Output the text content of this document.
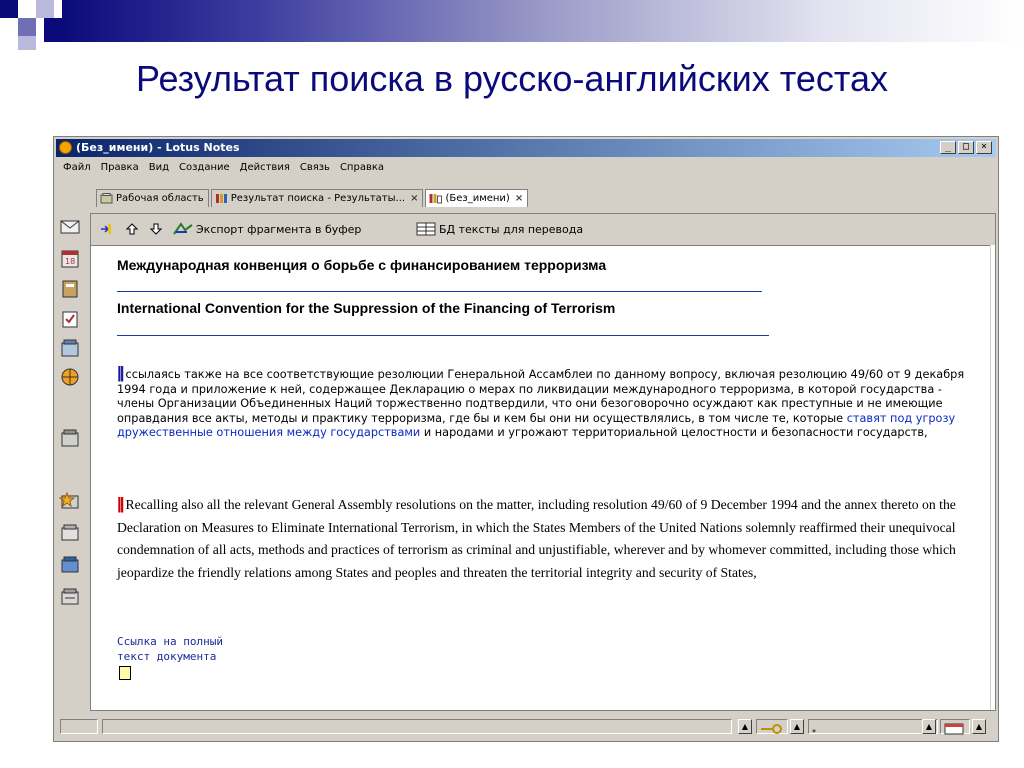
Результат поиска в русско-английских тестах
(Без_имени) - Lotus Notes	_	□	×
Файл	Правка	Вид	Создание	Действия	Связь	Справка
Рабочая область	Результат поиска - Результаты... ×	(Без_имени) ×
18
Экспорт фрагмента в буфер	БД тексты для перевода
Международная конвенция о борьбе с финансированием терроризма
International Convention for the Suppression of the Financing of Terrorism
|| ссылаясь также на все соответствующие резолюции Генеральной Ассамблеи по данному вопросу, включая резолюцию 49/60 от 9 декабря 1994 года и приложение к ней, содержащее Декларацию о мерах по ликвидации международного терроризма, в которой государства - члены Организации Объединенных Наций торжественно подтвердили, что они безоговорочно осуждают как преступные и не имеющие оправдания все акты, методы и практику терроризма, где бы и кем бы они ни осуществлялись, в том числе те, которые ставят под угрозу дружественные отношения между государствами и народами и угрожают территориальной целостности и безопасности государств,
|| Recalling also all the relevant General Assembly resolutions on the matter, including resolution 49/60 of 9 December 1994 and the annex thereto on the Declaration on Measures to Eliminate International Terrorism, in which the States Members of the United Nations solemnly reaffirmed their unequivocal condemnation of all acts, methods and practices of terrorism as criminal and unjustifiable, wherever and by whomever committed, including those which jeopardize the friendly relations among States and peoples and threaten the territorial integrity and security of States,
Ссылка на полный
текст документа
▲	▲
*
▲	▲
